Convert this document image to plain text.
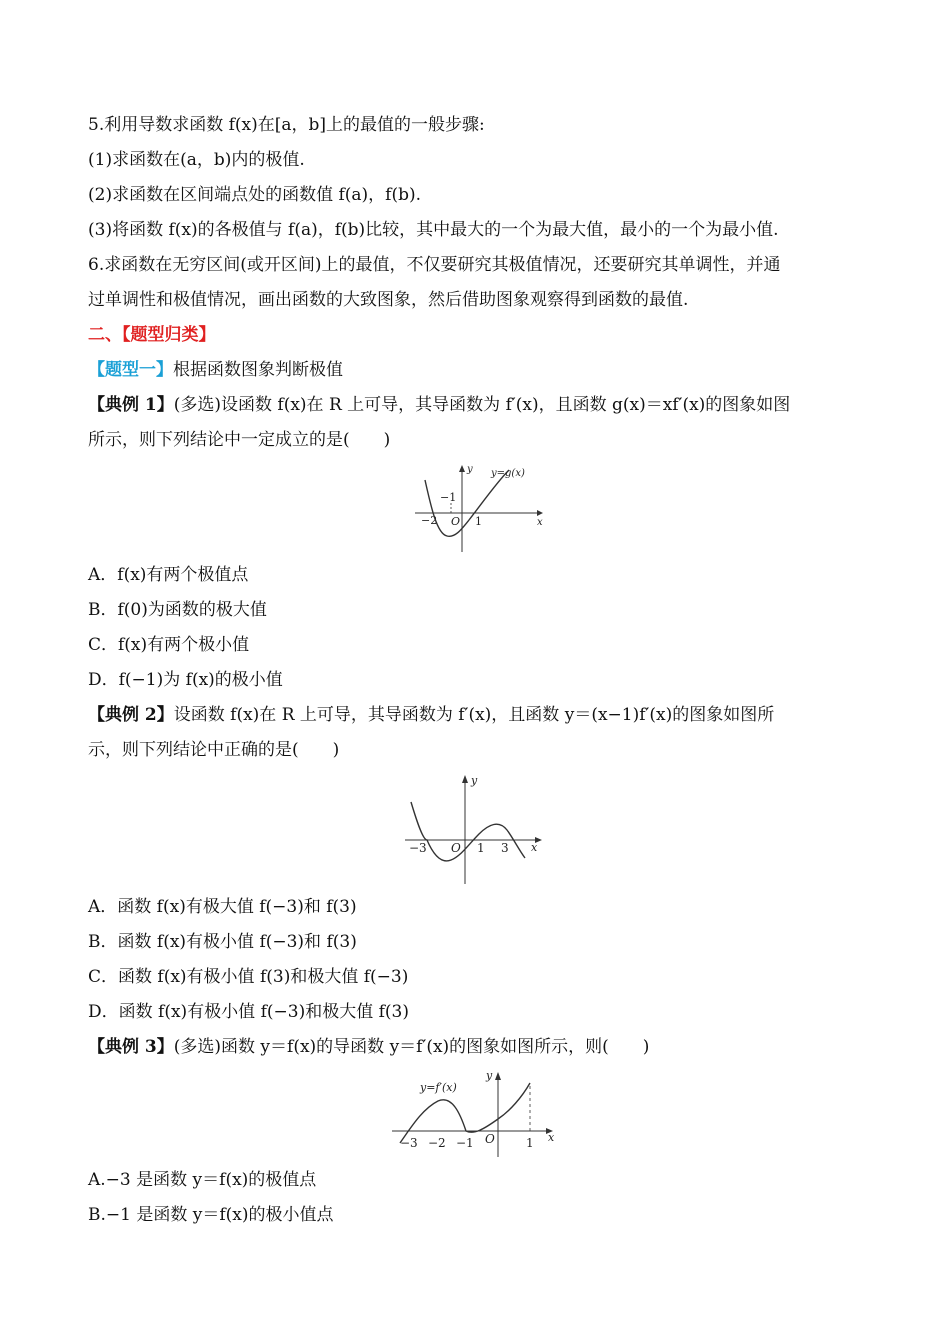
5.利用导数求函数 f(x)在[a，b]上的最值的一般步骤:
(1)求函数在(a，b)内的极值.
(2)求函数在区间端点处的函数值 f(a)，f(b).
(3)将函数 f(x)的各极值与 f(a)，f(b)比较，其中最大的一个为最大值，最小的一个为最小值.
6.求函数在无穷区间(或开区间)上的最值，不仅要研究其极值情况，还要研究其单调性，并通
过单调性和极值情况，画出函数的大致图象，然后借助图象观察得到函数的最值.
二、【题型归类】
【题型一】根据函数图象判断极值
【典例 1】(多选)设函数 f(x)在 R 上可导，其导函数为 f′(x)，且函数 g(x)＝xf′(x)的图象如图
所示，则下列结论中一定成立的是(　　)
y=g(x)
y
x
O
−2
−1
1
A．f(x)有两个极值点
B．f(0)为函数的极大值
C．f(x)有两个极小值
D．f(−1)为 f(x)的极小值
【典例 2】设函数 f(x)在 R 上可导，其导函数为 f′(x)，且函数 y＝(x−1)f′(x)的图象如图所
示，则下列结论中正确的是(　　)
y
x
O
−3	1 3
A．函数 f(x)有极大值 f(−3)和 f(3)
B．函数 f(x)有极小值 f(−3)和 f(3)
C．函数 f(x)有极小值 f(3)和极大值 f(−3)
D．函数 f(x)有极小值 f(−3)和极大值 f(3)
【典例 3】(多选)函数 y＝f(x)的导函数 y＝f′(x)的图象如图所示，则(　　)
y=f′(x)
y
x
O
−3 −2 −1	1
A.−3 是函数 y＝f(x)的极值点
B.−1 是函数 y＝f(x)的极小值点
